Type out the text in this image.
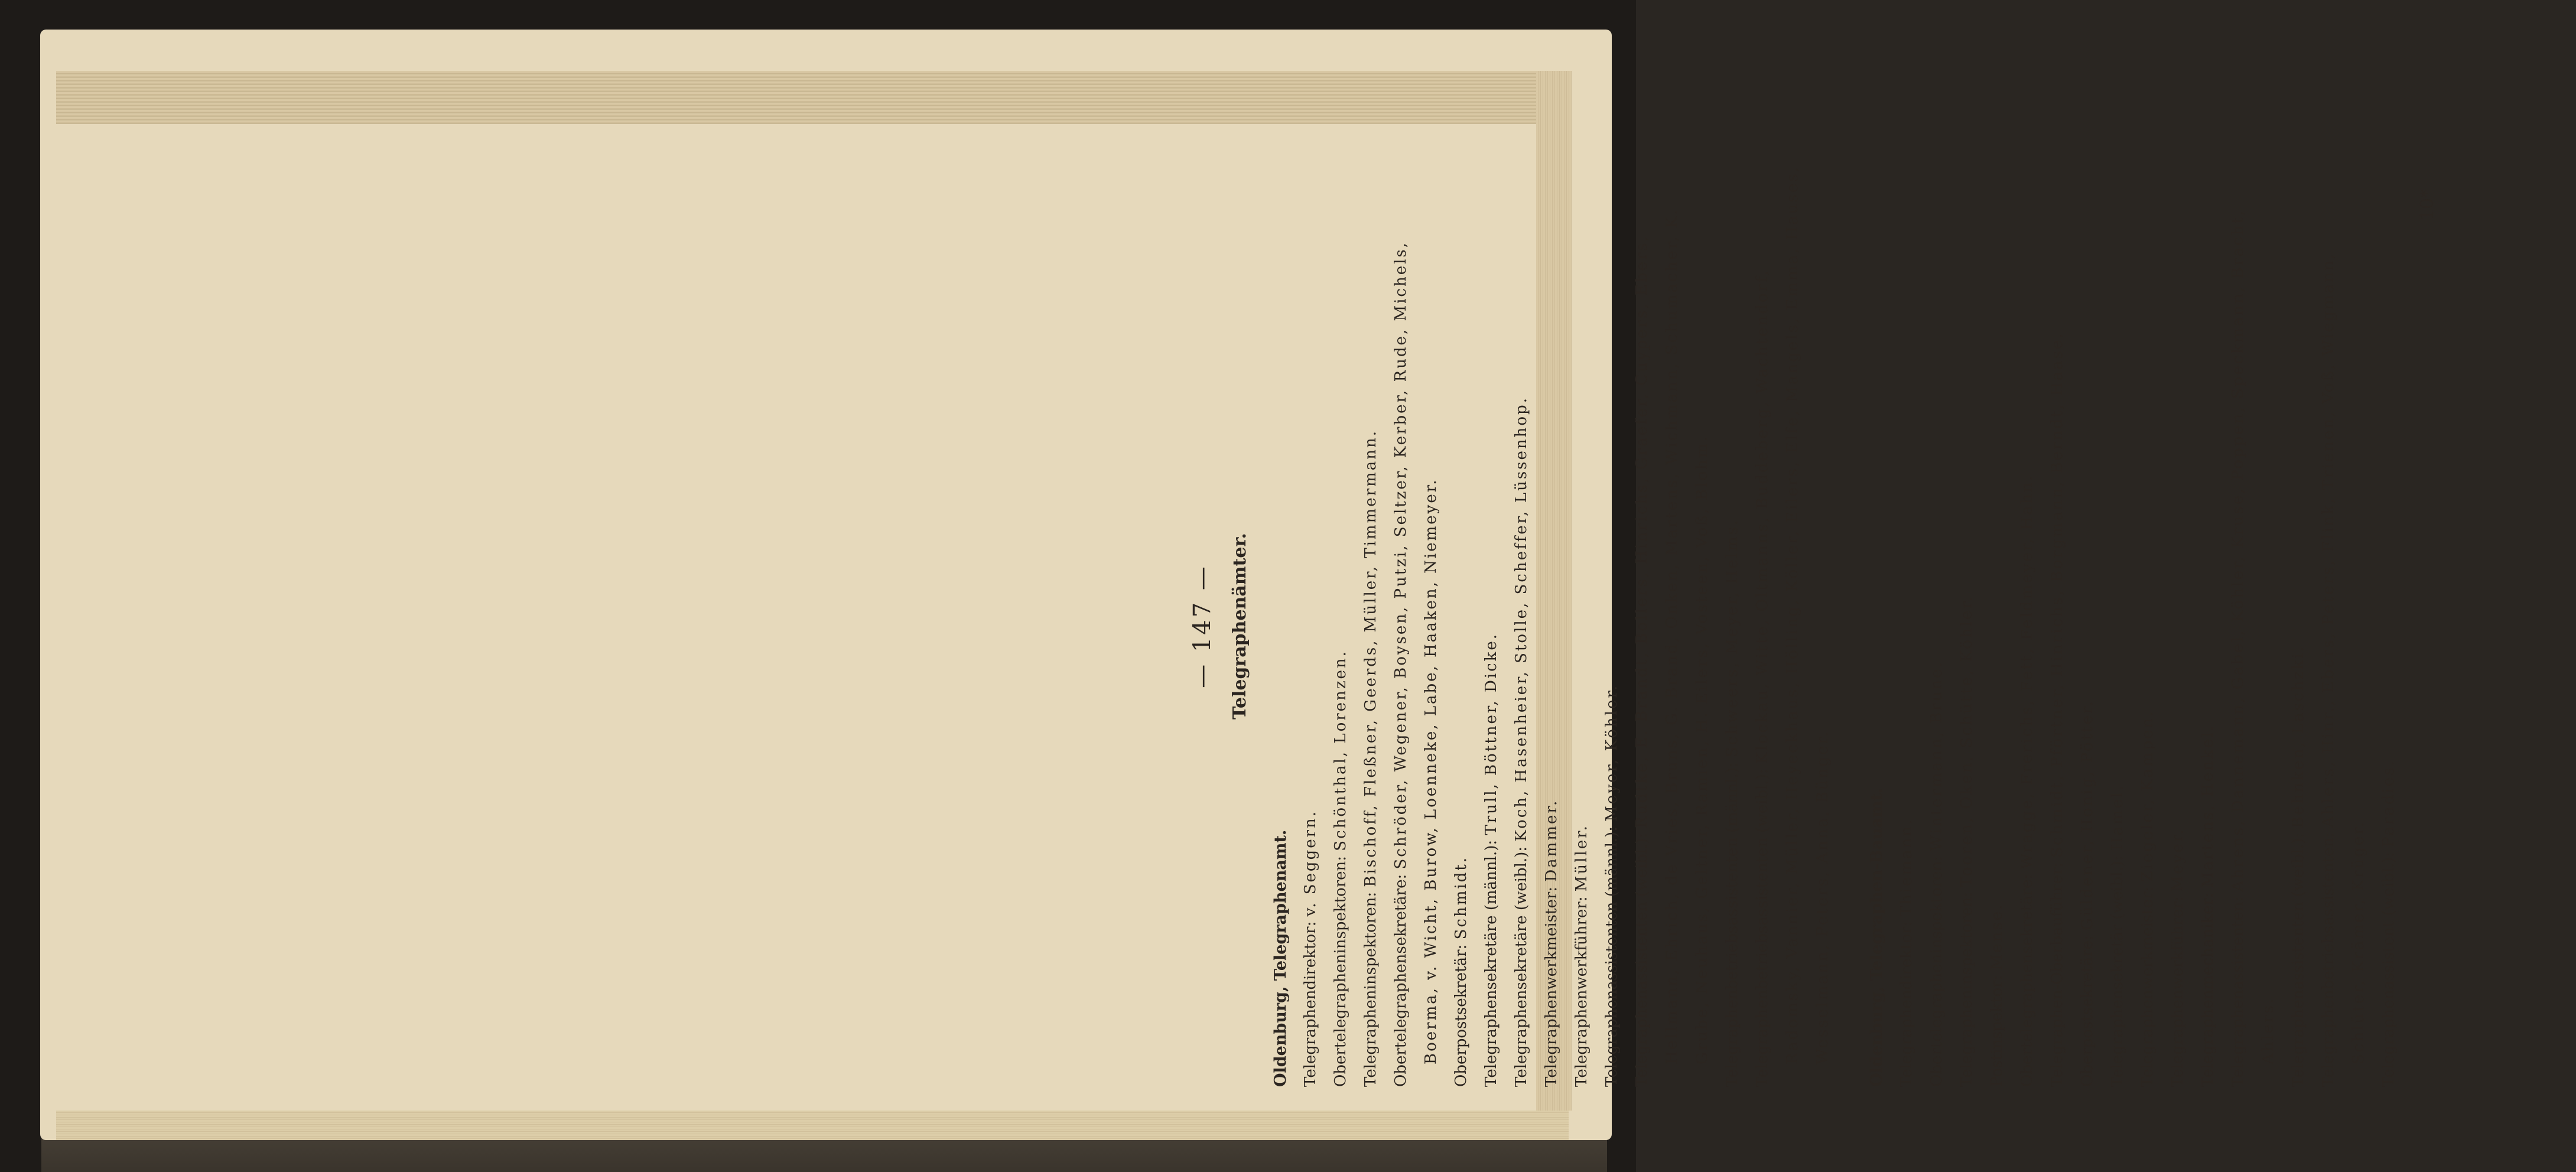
— 147 — Telegraphenämter.
Oldenburg, Telegraphenamt. Telegraphendirektor: v. Seggern. Obertelegrapheninspektoren: Schönthal, Lorenzen.
Telegrapheninspektoren: Bischoff, Fleßner, Geerds, Müller, Timmermann.
Obertelegraphensekretäre: Schröder, Wegener, Boysen, Putzi, Seltzer, Kerber, Rude, Michels, Boerma, v. Wicht, Burow, Loenneke, Labe, Haaken, Niemeyer. Oberpostsekretär: Schmidt. Telegraphensekretäre (männl.): Trull, Böttner, Dicke.
Telegraphensekretäre (weibl.): Koch, Hasenheier, Stolle, Scheffer, Lüssenhop.
Telegraphenwerkmeister: Dammer.
Telegraphenwerkführer: Müller. Telegraphenassistenten (männl.): Meyer, Köhler.
Telegraphenassistenten (weibl.): Rudtke, E. Brandt, Bollers, Hinrichs, Graefer, Cuypers, Ebers, Hellmann, Ehrich, de Vries, Bruns, G. Brand, Onken, Martens, Wichmann, Schumacher, K. Grube, Neuhaus, Geltner, Ramien, H. Eilers, Vosteen, Voß, Blohm. Telegraphenbetriebsassistenten (männl.): Schweers, Meyer, Helms.
Telegraphenbetriebsassistenten (weibl.): Klockau, Witte, Oltmanns, Buddeberg, Wachtendorf, Radomsky, Vannier, Müller, Heyeckhaus, Hölling, Köller, Eilers, Elfe, Mangels, Emma, Hauses, Wesselmann, Peters, Anna, Bünger.	Oldenburg, Telegraphen-Bauamt. Telegraphendirektor: Thiemann. Obertelegrapheninspektoren: Wintermann, Brune.
Telegrapheninspektoren: Tooren, Oken, Schütte, Köhler.
Postinspektor: Mense. Obertelegraphensekretäre: Wragge, Frerichs, Fett, Feldmeyer, Hahn.
Telegraphen-Oberbauführer: Schmidt, Pförtner, Hinrichs, Borgmann, Berndt, Haase.
Oberpostsekretäre: Güldener, Honig, Pötter.
Telegraphensekretär (weibl.): Hamel.
Telegraphenwerkmeister: Ziegeler, Kampen.
Telegraphenwerkführer: Meyer.
Telegraphenmechaniker: Martens, Henkel.
Telegraphenassistenten: Ahrens, Dannemann, Gabel, Köhler, Kruse, Poppen, Speckmann, Bracht, Ahlers. Telegraphenassistenten (weibl.): Behnken, Laschzki.
Telegraphenbetriebsassistenten: Ahlers, Hinr., Ebers, Peters, Flink, Trienen, Voß, Wiegmann, Schlüter, Krämer, Krüger. Telegraphenassistent (weibl.): Paradies.
10*
